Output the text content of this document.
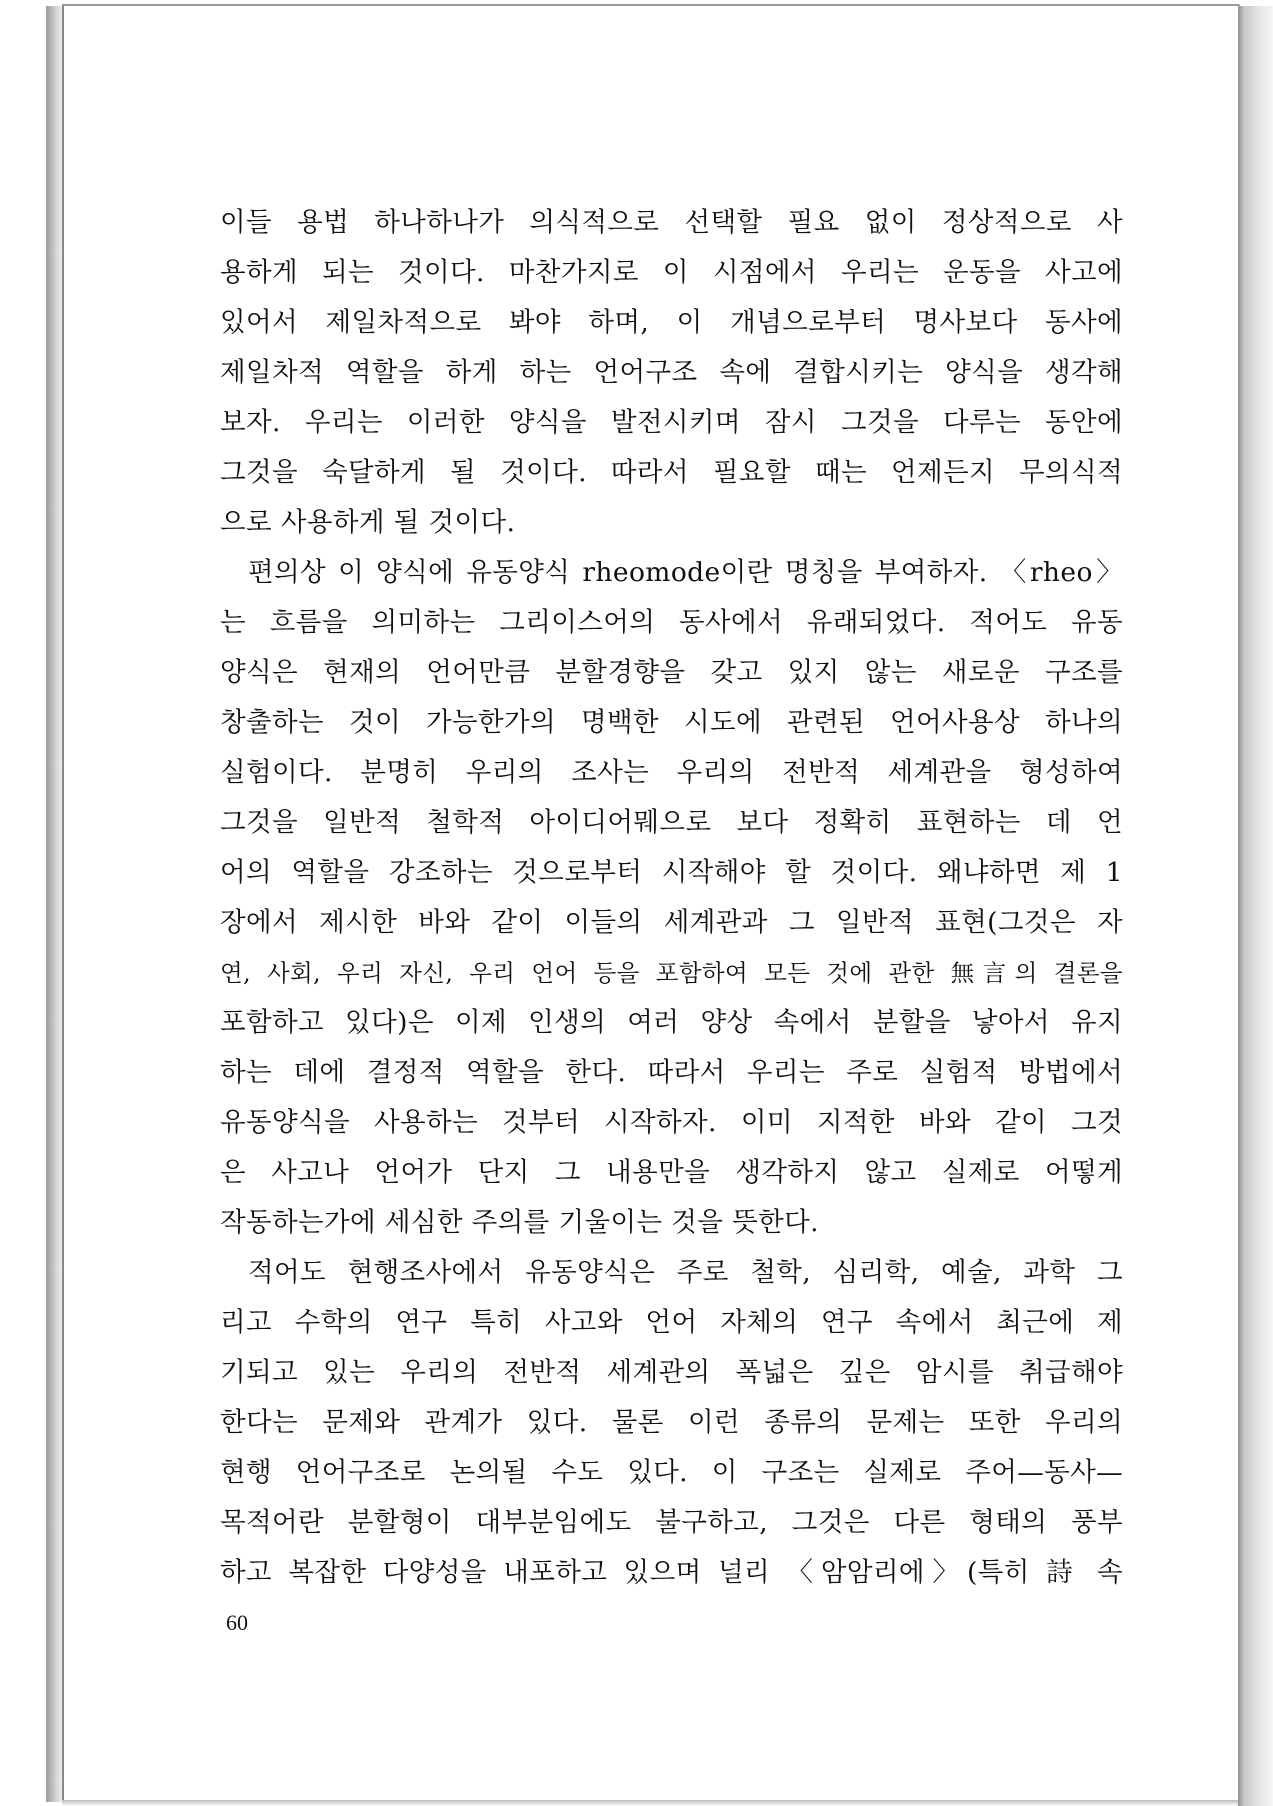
이들 용법 하나하나가 의식적으로 선택할 필요 없이 정상적으로 사
용하게 되는 것이다. 마찬가지로 이 시점에서 우리는 운동을 사고에
있어서 제일차적으로 봐야 하며, 이 개념으로부터 명사보다 동사에
제일차적 역할을 하게 하는 언어구조 속에 결합시키는 양식을 생각해
보자. 우리는 이러한 양식을 발전시키며 잠시 그것을 다루는 동안에
그것을 숙달하게 될 것이다. 따라서 필요할 때는 언제든지 무의식적
으로 사용하게 될 것이다.
편의상 이 양식에 유동양식 rheomode이란 명칭을 부여하자. 〈rheo〉
는 흐름을 의미하는 그리이스어의 동사에서 유래되었다. 적어도 유동
양식은 현재의 언어만큼 분할경향을 갖고 있지 않는 새로운 구조를
창출하는 것이 가능한가의 명백한 시도에 관련된 언어사용상 하나의
실험이다. 분명히 우리의 조사는 우리의 전반적 세계관을 형성하여
그것을 일반적 철학적 아이디어뭬으로 보다 정확히 표현하는 데 언
어의 역할을 강조하는 것으로부터 시작해야 할 것이다. 왜냐하면 제 1
장에서 제시한 바와 같이 이들의 세계관과 그 일반적 표현(그것은 자
연, 사회, 우리 자신, 우리 언어 등을 포함하여 모든 것에 관한 無言의 결론을
포함하고 있다)은 이제 인생의 여러 양상 속에서 분할을 낳아서 유지
하는 데에 결정적 역할을 한다. 따라서 우리는 주로 실험적 방법에서
유동양식을 사용하는 것부터 시작하자. 이미 지적한 바와 같이 그것
은 사고나 언어가 단지 그 내용만을 생각하지 않고 실제로 어떻게
작동하는가에 세심한 주의를 기울이는 것을 뜻한다.
적어도 현행조사에서 유동양식은 주로 철학, 심리학, 예술, 과학 그
리고 수학의 연구 특히 사고와 언어 자체의 연구 속에서 최근에 제
기되고 있는 우리의 전반적 세계관의 폭넓은 깊은 암시를 취급해야
한다는 문제와 관계가 있다. 물론 이런 종류의 문제는 또한 우리의
현행 언어구조로 논의될 수도 있다. 이 구조는 실제로 주어—동사—
목적어란 분할형이 대부분임에도 불구하고, 그것은 다른 형태의 풍부
하고 복잡한 다양성을 내포하고 있으며 널리 〈암암리에〉(특히 詩 속
60
